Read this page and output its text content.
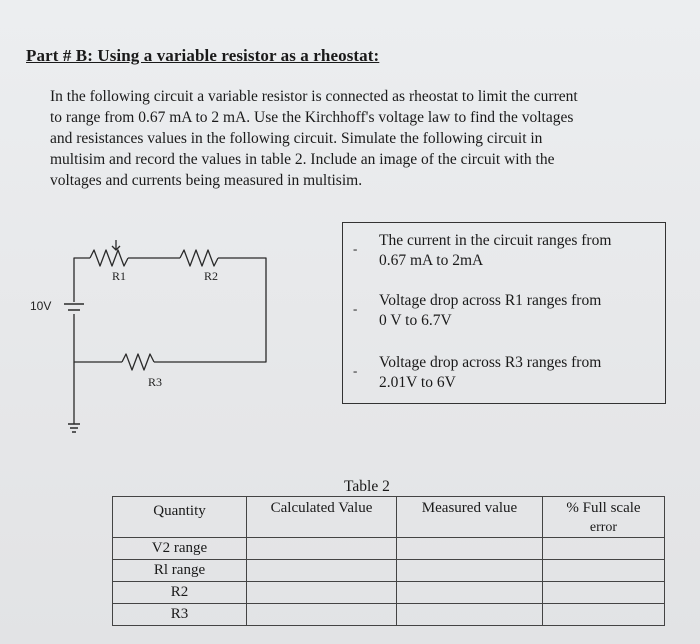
Part # B: Using a variable resistor as a rheostat:
In the following circuit a variable resistor is connected as rheostat to limit the current
to range from 0.67 mA to 2 mA. Use the Kirchhoff's voltage law to find the voltages
and resistances values in the following circuit. Simulate the following circuit in
multisim and record the values in table 2. Include an image of the circuit with the
voltages and currents being measured in multisim.
R1	R2
R3
10V
- The current in the circuit ranges from
0.67 mA to 2mA
- Voltage drop across R1 ranges from
0 V to 6.7V
- Voltage drop across R3 ranges from
2.01V to 6V
Table 2
Quantity	Calculated Value	Measured value	% Full scale
error

V2 range			
Rl range			
R2			
R3			
